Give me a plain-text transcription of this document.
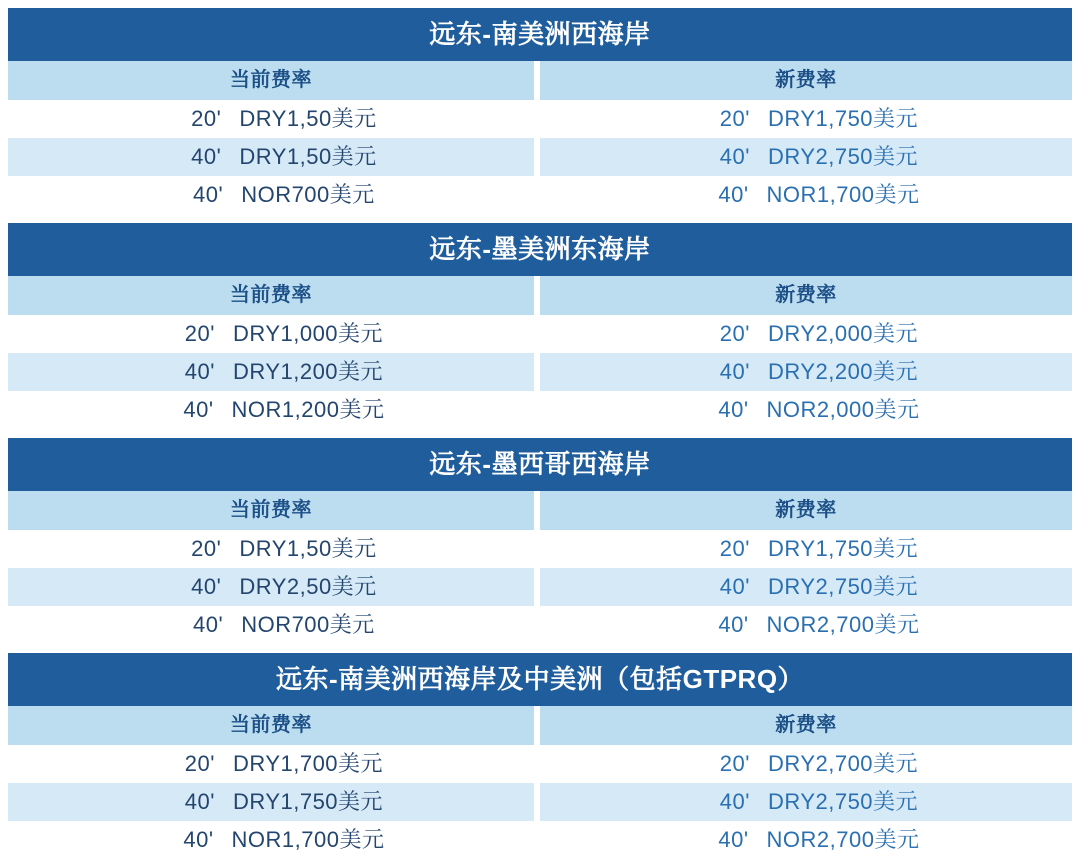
远东-南美洲西海岸
当前费率
20' DRY1,50美元
40' DRY1,50美元
40' NOR700美元
新费率
20' DRY1,750美元
40' DRY2,750美元
40' NOR1,700美元
远东-墨美洲东海岸
当前费率
20' DRY1,000美元
40' DRY1,200美元
40' NOR1,200美元
新费率
20' DRY2,000美元
40' DRY2,200美元
40' NOR2,000美元
远东-墨西哥西海岸
当前费率
20' DRY1,50美元
40' DRY2,50美元
40' NOR700美元
新费率
20' DRY1,750美元
40' DRY2,750美元
40' NOR2,700美元
远东-南美洲西海岸及中美洲（包括GTPRQ）
当前费率
20' DRY1,700美元
40' DRY1,750美元
40' NOR1,700美元
新费率
20' DRY2,700美元
40' DRY2,750美元
40' NOR2,700美元
